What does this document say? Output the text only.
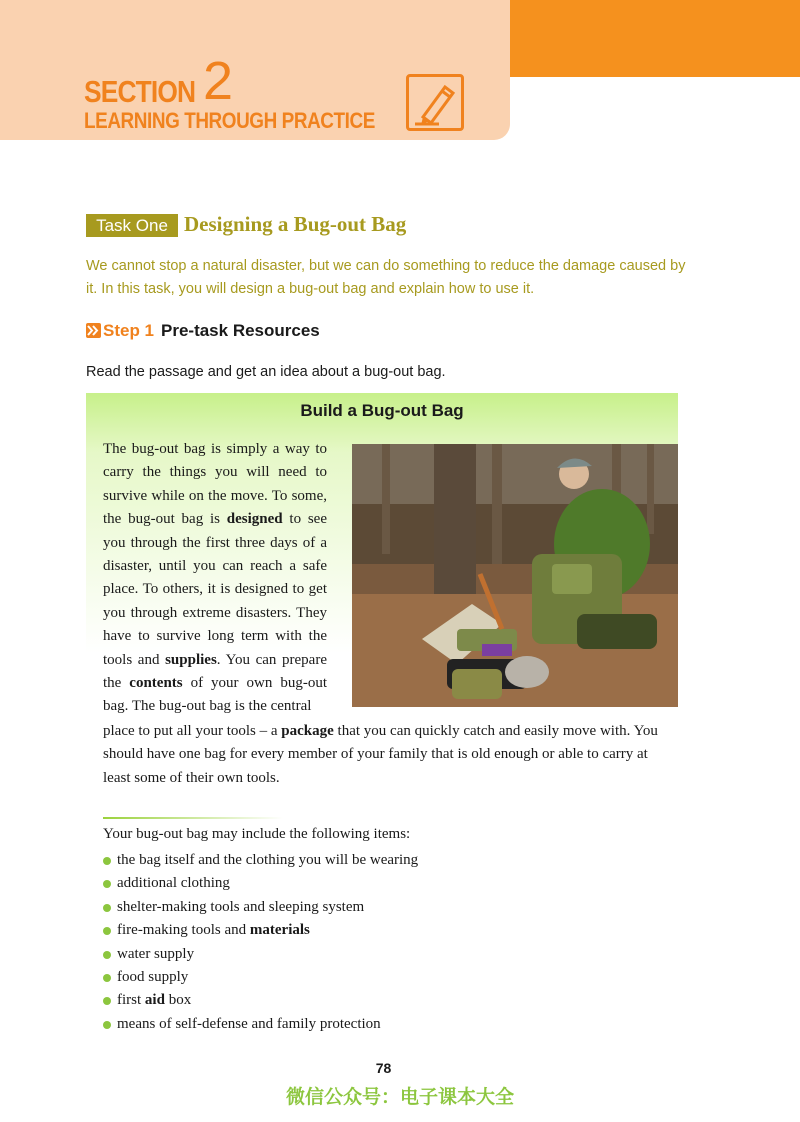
SECTION 2
LEARNING THROUGH PRACTICE
Task One Designing a Bug-out Bag
We cannot stop a natural disaster, but we can do something to reduce the damage caused by it. In this task, you will design a bug-out bag and explain how to use it.
Step 1 Pre-task Resources
Read the passage and get an idea about a bug-out bag.
Build a Bug-out Bag
The bug-out bag is simply a way to carry the things you will need to survive while on the move. To some, the bug-out bag is designed to see you through the first three days of a disaster, until you can reach a safe place. To others, it is designed to get you through extreme disasters. They have to survive long term with the tools and supplies. You can prepare the contents of your own bug-out bag. The bug-out bag is the central
place to put all your tools – a package that you can quickly catch and easily move with. You should have one bag for every member of your family that is old enough or able to carry at least some of their own tools.
Your bug-out bag may include the following items:
the bag itself and the clothing you will be wearing
additional clothing
shelter-making tools and sleeping system
fire-making tools and materials
water supply
food supply
first aid box
means of self-defense and family protection
78
微信公众号：电子课本大全
